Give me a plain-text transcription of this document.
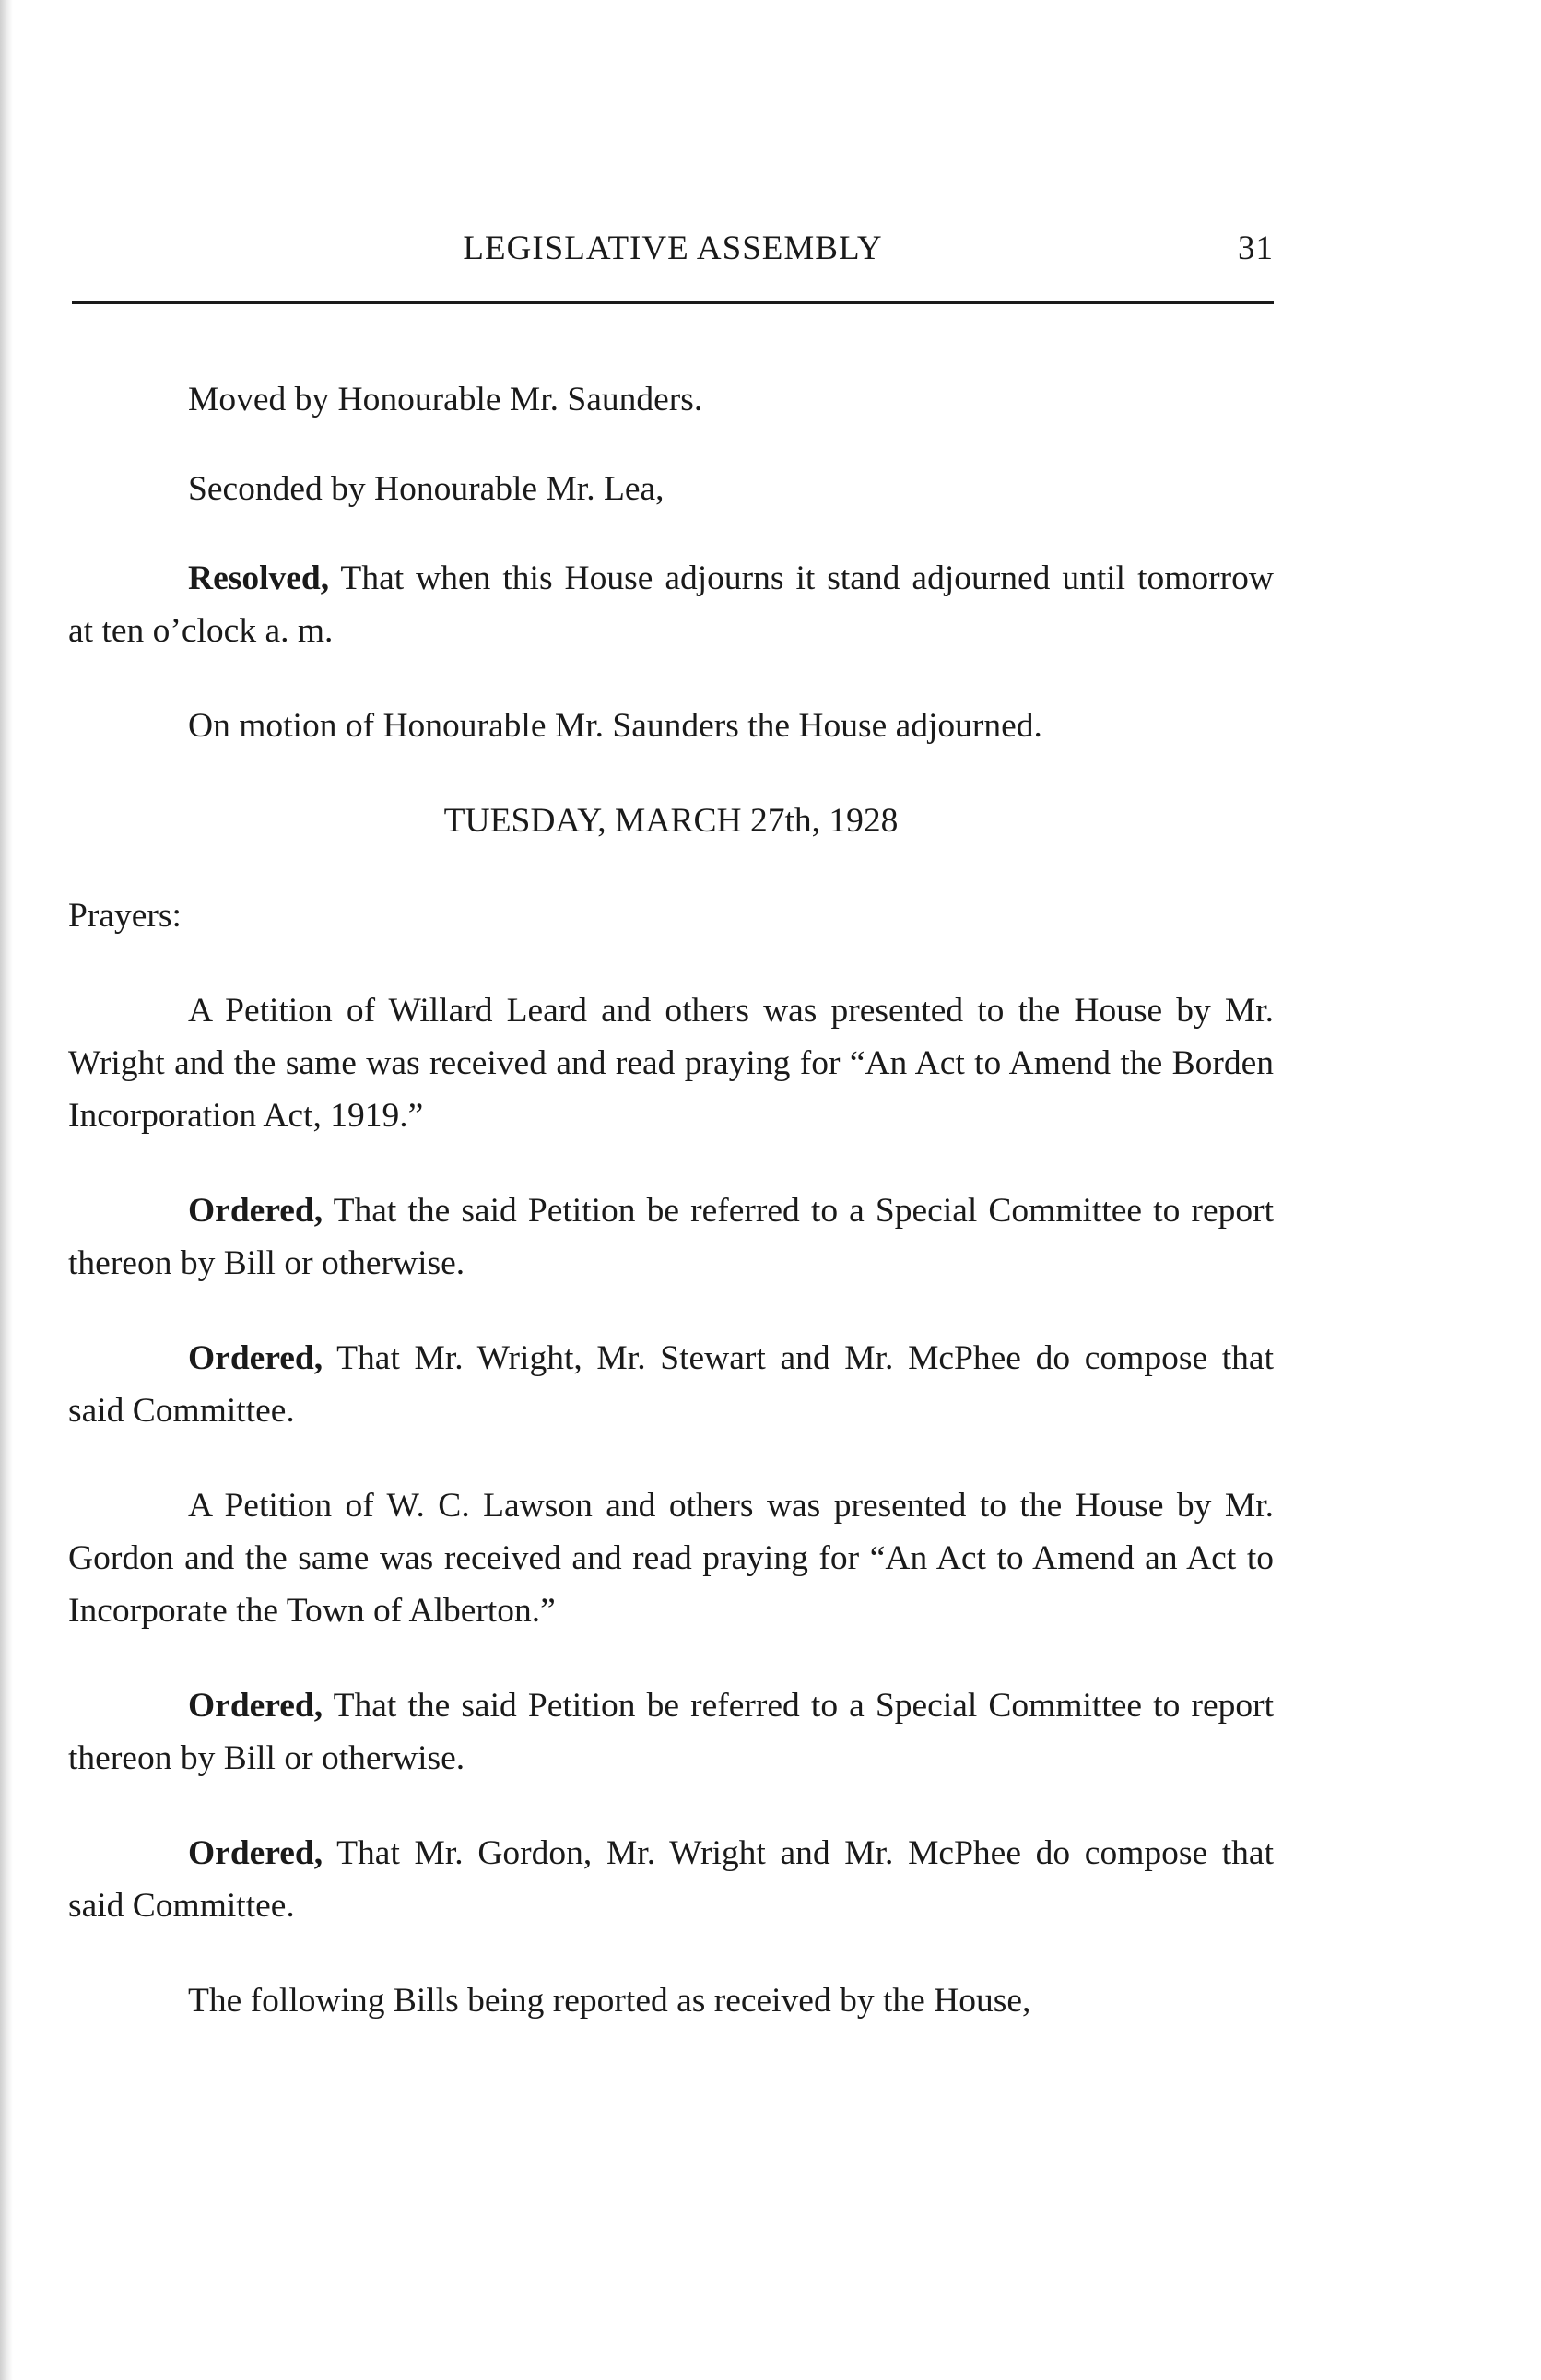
LEGISLATIVE ASSEMBLY	31

Moved by Honourable Mr. Saunders.

Seconded by Honourable Mr. Lea,

Resolved, That when this House adjourns it stand adjourned until tomorrow at ten o’clock a. m.

On motion of Honourable Mr. Saunders the House adjourned.

TUESDAY, MARCH 27th, 1928

Prayers:

A Petition of Willard Leard and others was presented to the House by Mr. Wright and the same was received and read praying for “An Act to Amend the Borden Incorporation Act, 1919.”

Ordered, That the said Petition be referred to a Special Committee to report thereon by Bill or otherwise.

Ordered, That Mr. Wright, Mr. Stewart and Mr. McPhee do compose that said Committee.

A Petition of W. C. Lawson and others was presented to the House by Mr. Gordon and the same was received and read praying for “An Act to Amend an Act to Incorporate the Town of Alberton.”

Ordered, That the said Petition be referred to a Special Committee to report thereon by Bill or otherwise.

Ordered, That Mr. Gordon, Mr. Wright and Mr. McPhee do compose that said Committee.

The following Bills being reported as received by the House,
